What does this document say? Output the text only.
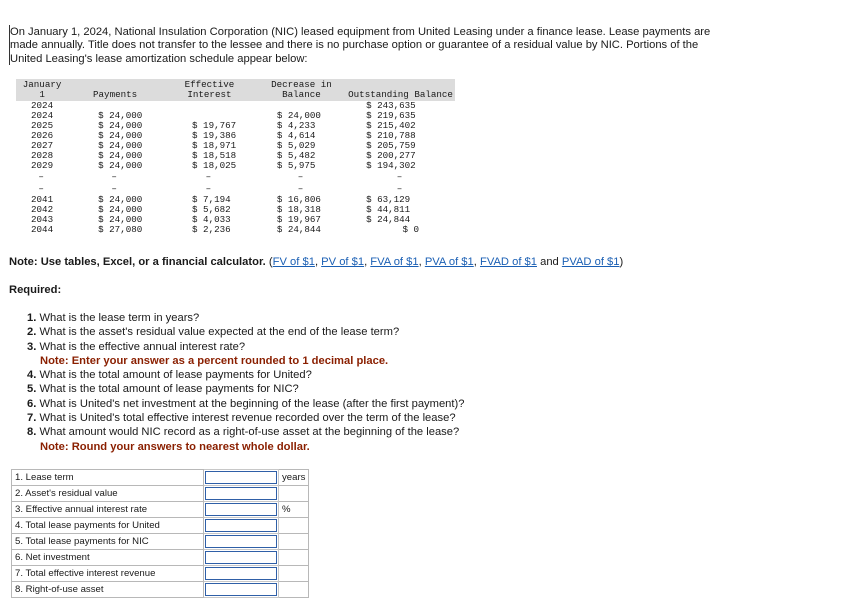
On January 1, 2024, National Insulation Corporation (NIC) leased equipment from United Leasing under a finance lease. Lease payments are made annually. Title does not transfer to the lessee and there is no purchase option or guarantee of a residual value by NIC. Portions of the United Leasing's lease amortization schedule appear below:
January 1	Payments	Effective Interest	Decrease in Balance	Outstanding Balance
2024				$ 243,635
2024	$ 24,000		$ 24,000	$ 219,635
2025	$ 24,000	$ 19,767	$ 4,233	$ 215,402
2026	$ 24,000	$ 19,386	$ 4,614	$ 210,788
2027	$ 24,000	$ 18,971	$ 5,029	$ 205,759
2028	$ 24,000	$ 18,518	$ 5,482	$ 200,277
2029	$ 24,000	$ 18,025	$ 5,975	$ 194,302
–	–	–	–	–
–	–	–	–	–
2041	$ 24,000	$ 7,194	$ 16,806	$ 63,129
2042	$ 24,000	$ 5,682	$ 18,318	$ 44,811
2043	$ 24,000	$ 4,033	$ 19,967	$ 24,844
2044	$ 27,080	$ 2,236	$ 24,844	$ 0
Note: Use tables, Excel, or a financial calculator. (FV of $1, PV of $1, FVA of $1, PVA of $1, FVAD of $1 and PVAD of $1)
Required:
1. What is the lease term in years?
2. What is the asset's residual value expected at the end of the lease term?
3. What is the effective annual interest rate?
Note: Enter your answer as a percent rounded to 1 decimal place.
4. What is the total amount of lease payments for United?
5. What is the total amount of lease payments for NIC?
6. What is United's net investment at the beginning of the lease (after the first payment)?
7. What is United's total effective interest revenue recorded over the term of the lease?
8. What amount would NIC record as a right-of-use asset at the beginning of the lease?
Note: Round your answers to nearest whole dollar.
1. Lease term		years
2. Asset's residual value	

3. Effective annual interest rate		%
4. Total lease payments for United	

5. Total lease payments for NIC	

6. Net investment	

7. Total effective interest revenue	

8. Right-of-use asset	
